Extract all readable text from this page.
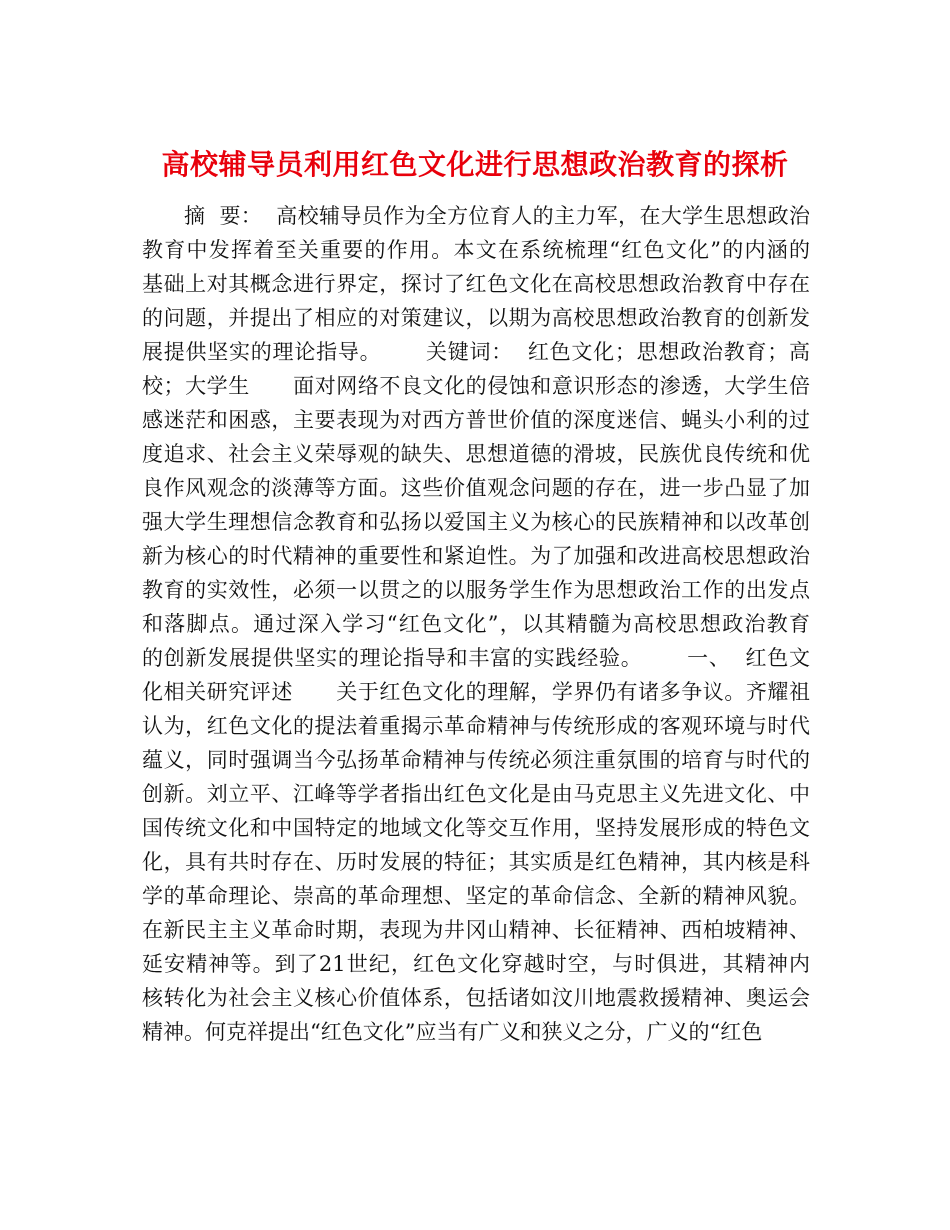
高校辅导员利用红色文化进行思想政治教育的探析
摘  要：  高校辅导员作为全方位育人的主力军，在大学生思想政治
教育中发挥着至关重要的作用。本文在系统梳理“红色文化”的内涵的
基础上对其概念进行界定，探讨了红色文化在高校思想政治教育中存在
的问题，并提出了相应的对策建议，以期为高校思想政治教育的创新发
展提供坚实的理论指导。      关键词：  红色文化；思想政治教育；高
校；大学生      面对网络不良文化的侵蚀和意识形态的渗透，大学生倍
感迷茫和困惑，主要表现为对西方普世价值的深度迷信、蝇头小利的过
度追求、社会主义荣辱观的缺失、思想道德的滑坡，民族优良传统和优
良作风观念的淡薄等方面。这些价值观念问题的存在，进一步凸显了加
强大学生理想信念教育和弘扬以爱国主义为核心的民族精神和以改革创
新为核心的时代精神的重要性和紧迫性。为了加强和改进高校思想政治
教育的实效性，必须一以贯之的以服务学生作为思想政治工作的出发点
和落脚点。通过深入学习“红色文化”，以其精髓为高校思想政治教育
的创新发展提供坚实的理论指导和丰富的实践经验。      一、  红色文
化相关研究评述      关于红色文化的理解，学界仍有诸多争议。齐耀祖
认为，红色文化的提法着重揭示革命精神与传统形成的客观环境与时代
蕴义，同时强调当今弘扬革命精神与传统必须注重氛围的培育与时代的
创新。刘立平、江峰等学者指出红色文化是由马克思主义先进文化、中
国传统文化和中国特定的地域文化等交互作用，坚持发展形成的特色文
化，具有共时存在、历时发展的特征；其实质是红色精神，其内核是科
学的革命理论、崇高的革命理想、坚定的革命信念、全新的精神风貌。
在新民主主义革命时期，表现为井冈山精神、长征精神、西柏坡精神、
延安精神等。到了21世纪，红色文化穿越时空，与时俱进，其精神内
核转化为社会主义核心价值体系，包括诸如汶川地震救援精神、奥运会
精神。何克祥提出“红色文化”应当有广义和狭义之分，广义的“红色
